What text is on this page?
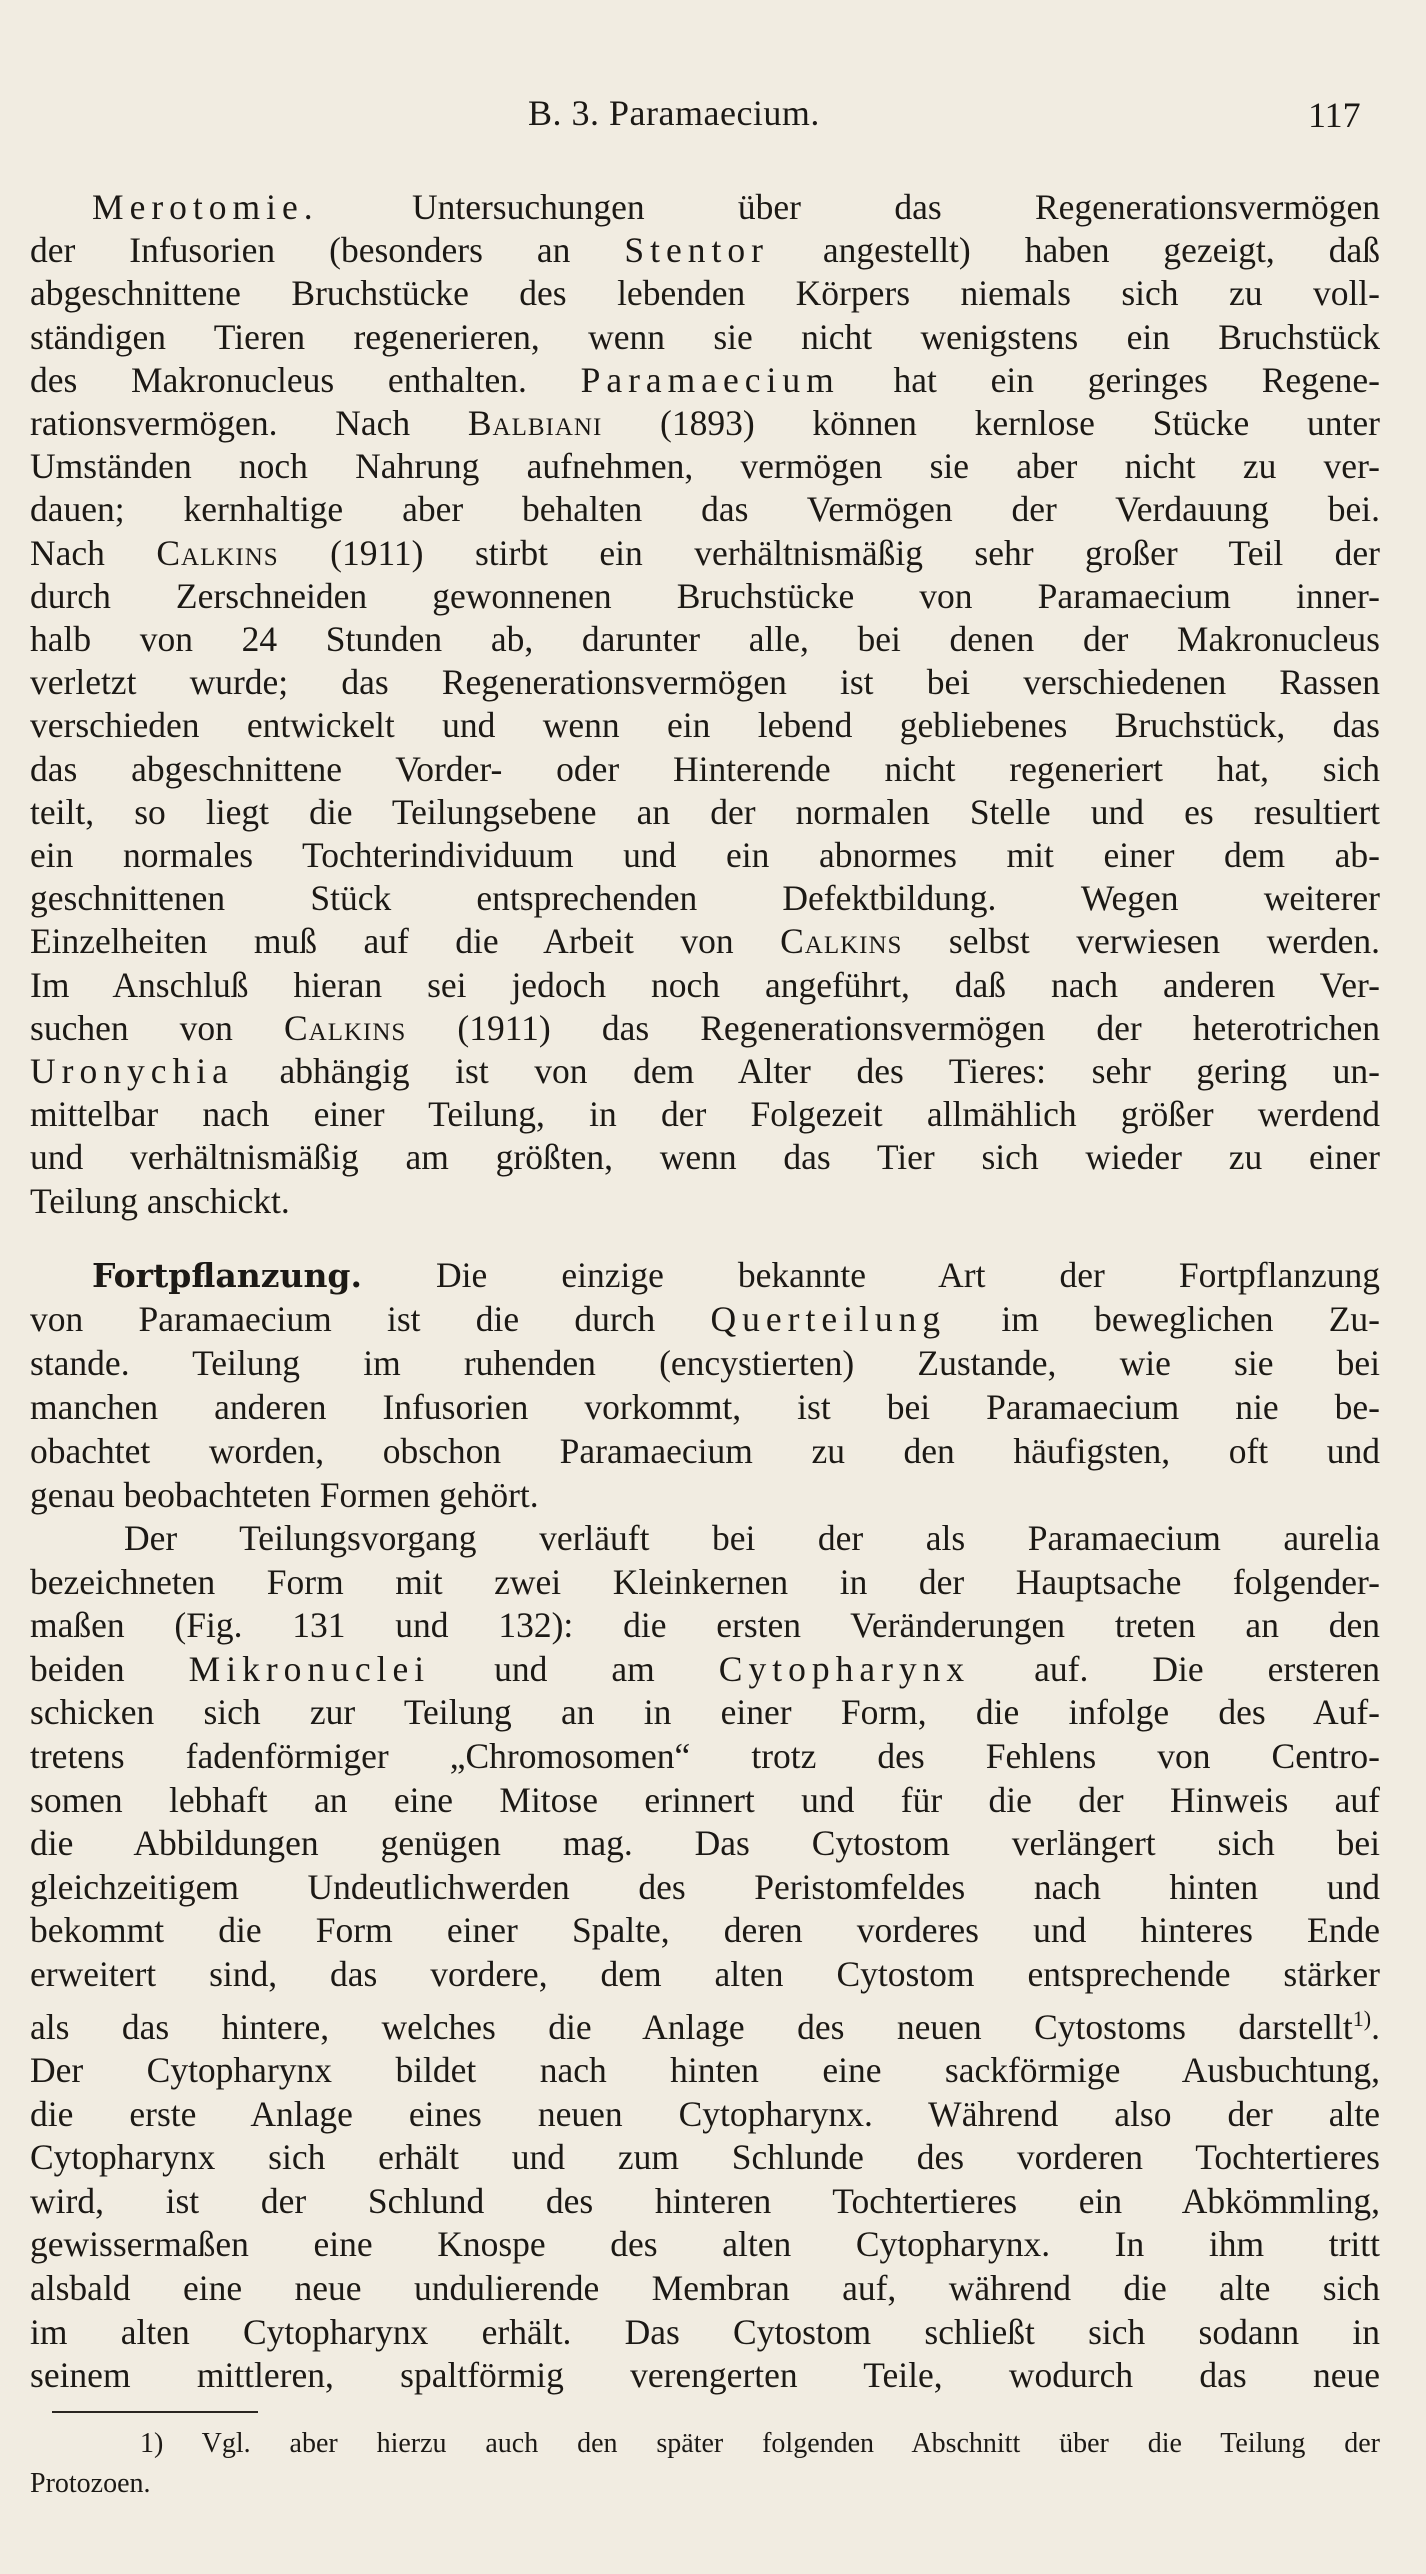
B. 3. Paramaecium.	117
Merotomie. Untersuchungen über das Regenerationsvermögen
der Infusorien (besonders an Stentor angestellt) haben gezeigt, daß
abgeschnittene Bruchstücke des lebenden Körpers niemals sich zu voll-
ständigen Tieren regenerieren, wenn sie nicht wenigstens ein Bruchstück
des Makronucleus enthalten. Paramaecium hat ein geringes Regene-
rationsvermögen. Nach Balbiani (1893) können kernlose Stücke unter
Umständen noch Nahrung aufnehmen, vermögen sie aber nicht zu ver-
dauen; kernhaltige aber behalten das Vermögen der Verdauung bei.
Nach Calkins (1911) stirbt ein verhältnismäßig sehr großer Teil der
durch Zerschneiden gewonnenen Bruchstücke von Paramaecium inner-
halb von 24 Stunden ab, darunter alle, bei denen der Makronucleus
verletzt wurde; das Regenerationsvermögen ist bei verschiedenen Rassen
verschieden entwickelt und wenn ein lebend gebliebenes Bruchstück, das
das abgeschnittene Vorder- oder Hinterende nicht regeneriert hat, sich
teilt, so liegt die Teilungsebene an der normalen Stelle und es resultiert
ein normales Tochterindividuum und ein abnormes mit einer dem ab-
geschnittenen Stück entsprechenden Defektbildung. Wegen weiterer
Einzelheiten muß auf die Arbeit von Calkins selbst verwiesen werden.
Im Anschluß hieran sei jedoch noch angeführt, daß nach anderen Ver-
suchen von Calkins (1911) das Regenerationsvermögen der heterotrichen
Uronychia abhängig ist von dem Alter des Tieres: sehr gering un-
mittelbar nach einer Teilung, in der Folgezeit allmählich größer werdend
und verhältnismäßig am größten, wenn das Tier sich wieder zu einer
Teilung anschickt.
Fortpflanzung. Die einzige bekannte Art der Fortpflanzung
von Paramaecium ist die durch Querteilung im beweglichen Zu-
stande. Teilung im ruhenden (encystierten) Zustande, wie sie bei
manchen anderen Infusorien vorkommt, ist bei Paramaecium nie be-
obachtet worden, obschon Paramaecium zu den häufigsten, oft und
genau beobachteten Formen gehört.
Der Teilungsvorgang verläuft bei der als Paramaecium aurelia
bezeichneten Form mit zwei Kleinkernen in der Hauptsache folgender-
maßen (Fig. 131 und 132): die ersten Veränderungen treten an den
beiden Mikronuclei und am Cytopharynx auf. Die ersteren
schicken sich zur Teilung an in einer Form, die infolge des Auf-
tretens fadenförmiger „Chromosomen“ trotz des Fehlens von Centro-
somen lebhaft an eine Mitose erinnert und für die der Hinweis auf
die Abbildungen genügen mag. Das Cytostom verlängert sich bei
gleichzeitigem Undeutlichwerden des Peristomfeldes nach hinten und
bekommt die Form einer Spalte, deren vorderes und hinteres Ende
erweitert sind, das vordere, dem alten Cytostom entsprechende stärker
als das hintere, welches die Anlage des neuen Cytostoms darstellt$^{1)}$.
Der Cytopharynx bildet nach hinten eine sackförmige Ausbuchtung,
die erste Anlage eines neuen Cytopharynx. Während also der alte
Cytopharynx sich erhält und zum Schlunde des vorderen Tochtertieres
wird, ist der Schlund des hinteren Tochtertieres ein Abkömmling,
gewissermaßen eine Knospe des alten Cytopharynx. In ihm tritt
alsbald eine neue undulierende Membran auf, während die alte sich
im alten Cytopharynx erhält. Das Cytostom schließt sich sodann in
seinem mittleren, spaltförmig verengerten Teile, wodurch das neue
1) Vgl. aber hierzu auch den später folgenden Abschnitt über die Teilung der
Protozoen.
